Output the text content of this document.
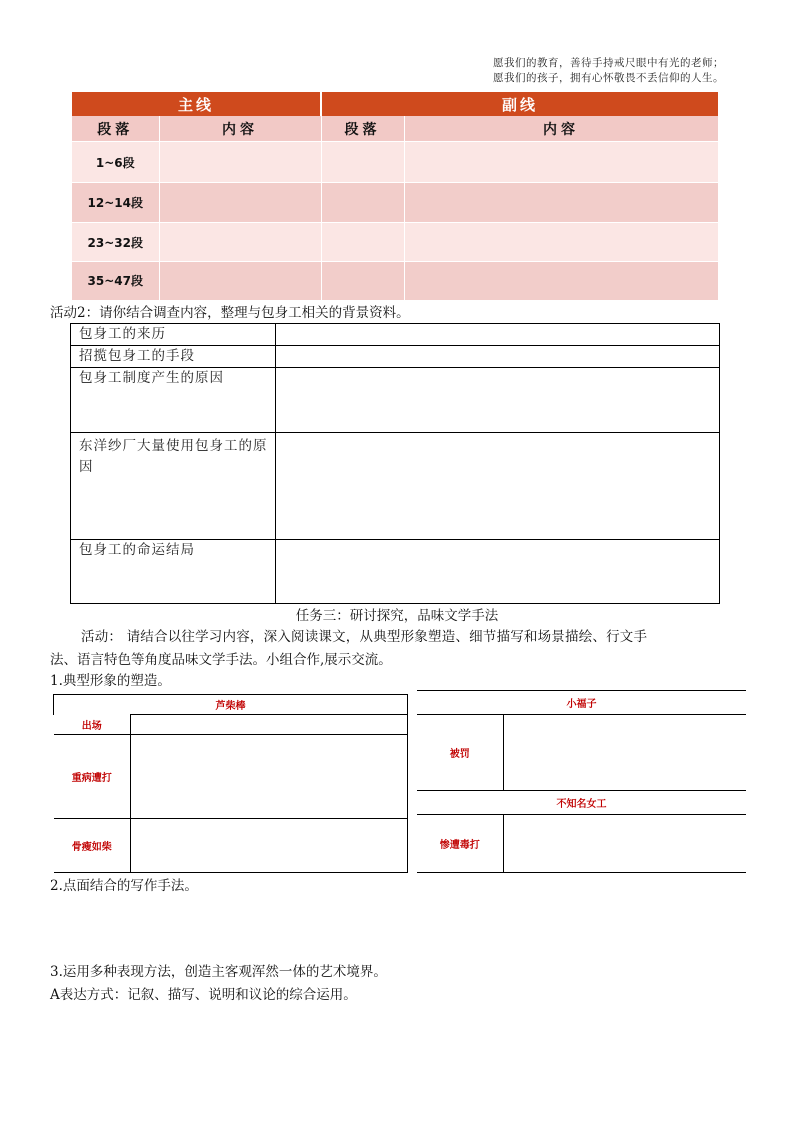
愿我们的教育，善待手持戒尺眼中有光的老师；
愿我们的孩子，拥有心怀敬畏不丢信仰的人生。
主线		副线	
段落	内容	段落	内容
1~6段			
12~14段			
23~32段			
35~47段			
活动2：请你结合调查内容，整理与包身工相关的背景资料。
包身工的来历	
招揽包身工的手段	
包身工制度产生的原因	
东洋纱厂大量使用包身工的原因	
包身工的命运结局	
任务三：研讨探究，品味文学手法
活动： 请结合以往学习内容，深入阅读课文，从典型形象塑造、细节描写和场景描绘、行文手
法、语言特色等角度品味文学手法。小组合作,展示交流。
1.典型形象的塑造。
芦柴棒	
出场	
重病遭打	
骨瘦如柴	
小福子	
被罚	
不知名女工	
惨遭毒打	
2.点面结合的写作手法。
3.运用多种表现方法，创造主客观浑然一体的艺术境界。
A表达方式：记叙、描写、说明和议论的综合运用。
